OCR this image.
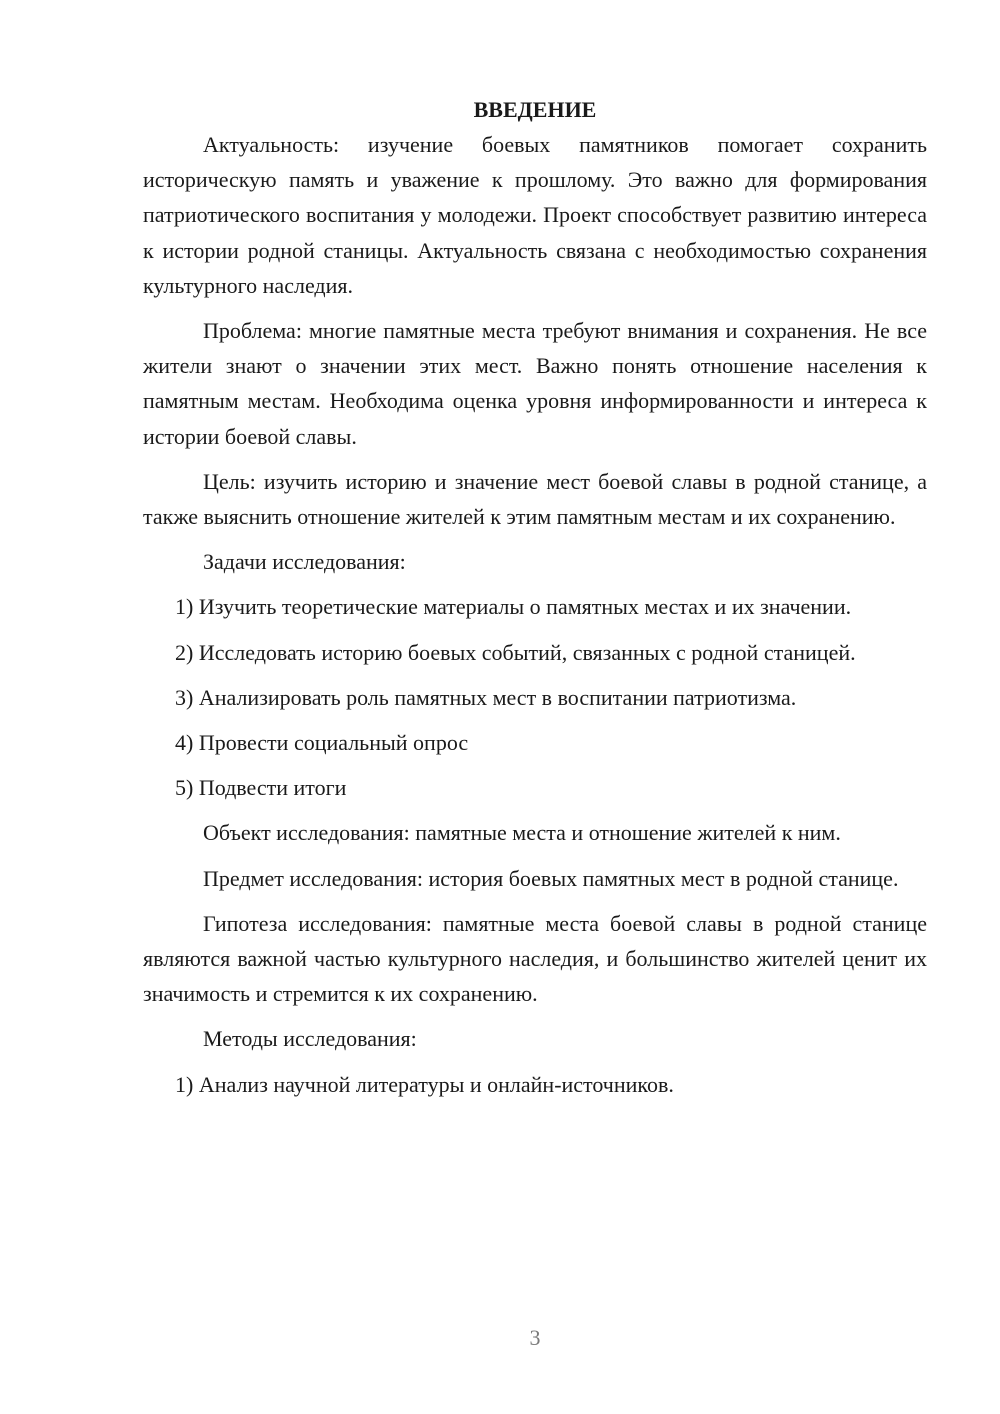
ВВЕДЕНИЕ

Актуальность: изучение боевых памятников помогает сохранить историческую память и уважение к прошлому. Это важно для формирования патриотического воспитания у молодежи. Проект способствует развитию интереса к истории родной станицы. Актуальность связана с необходимостью сохранения культурного наследия.

Проблема: многие памятные места требуют внимания и сохранения. Не все жители знают о значении этих мест. Важно понять отношение населения к памятным местам. Необходима оценка уровня информированности и интереса к истории боевой славы.

Цель: изучить историю и значение мест боевой славы в родной станице, а также выяснить отношение жителей к этим памятным местам и их сохранению.

Задачи исследования:

1) Изучить теоретические материалы о памятных местах и их значении.

2) Исследовать историю боевых событий, связанных с родной станицей.

3) Анализировать роль памятных мест в воспитании патриотизма.

4) Провести социальный опрос

5) Подвести итоги

Объект исследования: памятные места и отношение жителей к ним.

Предмет исследования: история боевых памятных мест в родной станице.

Гипотеза исследования: памятные места боевой славы в родной станице являются важной частью культурного наследия, и большинство жителей ценит их значимость и стремится к их сохранению.

Методы исследования:

1) Анализ научной литературы и онлайн-источников.

3
